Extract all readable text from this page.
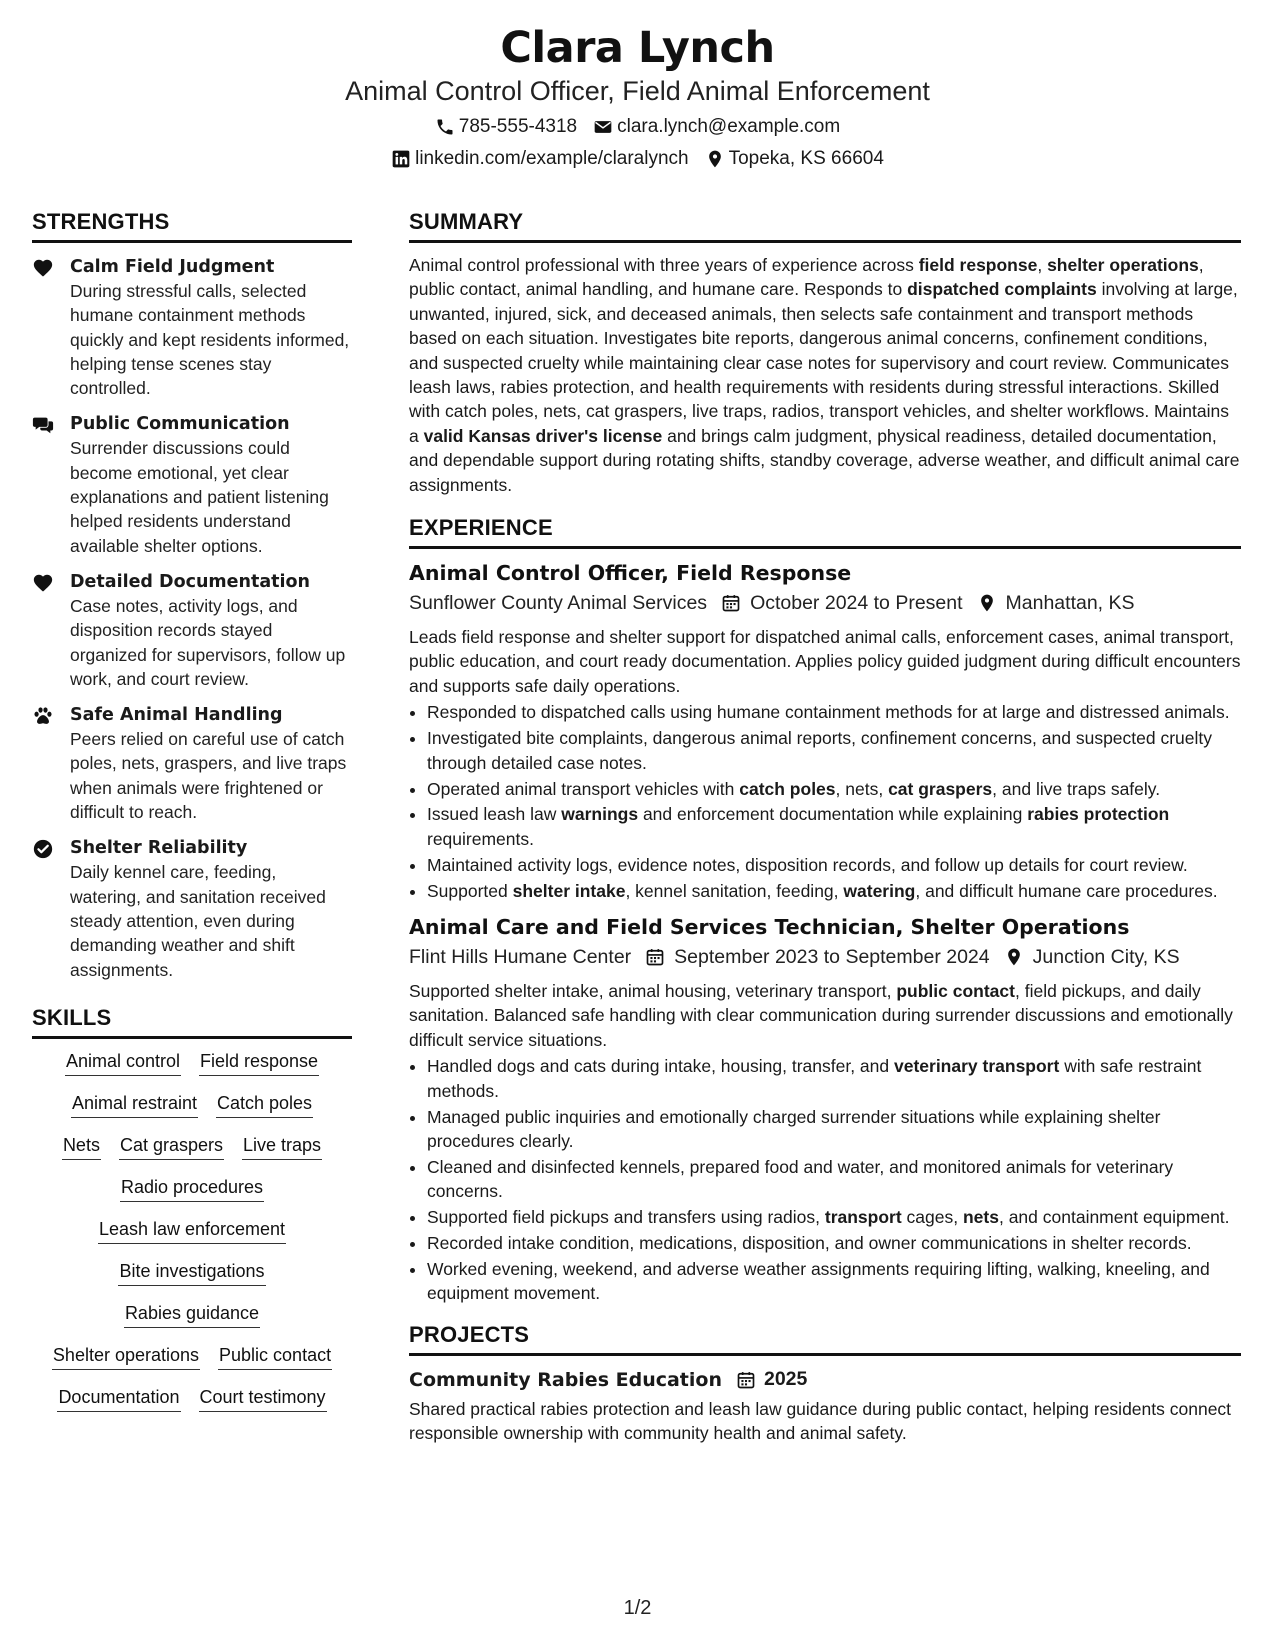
Clara Lynch
Animal Control Officer, Field Animal Enforcement
785-555-4318 clara.lynch@example.com
linkedin.com/example/claralynch Topeka, KS 66604
STRENGTHS
Calm Field Judgment
During stressful calls, selected humane containment methods quickly and kept residents informed, helping tense scenes stay controlled.
Public Communication
Surrender discussions could become emotional, yet clear explanations and patient listening helped residents understand available shelter options.
Detailed Documentation
Case notes, activity logs, and disposition records stayed organized for supervisors, follow up work, and court review.
Safe Animal Handling
Peers relied on careful use of catch poles, nets, graspers, and live traps when animals were frightened or difficult to reach.
Shelter Reliability
Daily kennel care, feeding, watering, and sanitation received steady attention, even during demanding weather and shift assignments.
SKILLS
Animal control Field response
Animal restraint Catch poles
Nets Cat graspers Live traps
Radio procedures
Leash law enforcement
Bite investigations
Rabies guidance
Shelter operations Public contact
Documentation Court testimony
SUMMARY
Animal control professional with three years of experience across field response, shelter operations, public contact, animal handling, and humane care. Responds to dispatched complaints involving at large, unwanted, injured, sick, and deceased animals, then selects safe containment and transport methods based on each situation. Investigates bite reports, dangerous animal concerns, confinement conditions, and suspected cruelty while maintaining clear case notes for supervisory and court review. Communicates leash laws, rabies protection, and health requirements with residents during stressful interactions. Skilled with catch poles, nets, cat graspers, live traps, radios, transport vehicles, and shelter workflows. Maintains a valid Kansas driver's license and brings calm judgment, physical readiness, detailed documentation, and dependable support during rotating shifts, standby coverage, adverse weather, and difficult animal care assignments.
EXPERIENCE
Animal Control Officer, Field Response
Sunflower County Animal Services October 2024 to Present Manhattan, KS
Leads field response and shelter support for dispatched animal calls, enforcement cases, animal transport, public education, and court ready documentation. Applies policy guided judgment during difficult encounters and supports safe daily operations.
• Responded to dispatched calls using humane containment methods for at large and distressed animals.
• Investigated bite complaints, dangerous animal reports, confinement concerns, and suspected cruelty through detailed case notes.
• Operated animal transport vehicles with catch poles, nets, cat graspers, and live traps safely.
• Issued leash law warnings and enforcement documentation while explaining rabies protection requirements.
• Maintained activity logs, evidence notes, disposition records, and follow up details for court review.
• Supported shelter intake, kennel sanitation, feeding, watering, and difficult humane care procedures.
Animal Care and Field Services Technician, Shelter Operations
Flint Hills Humane Center September 2023 to September 2024 Junction City, KS
Supported shelter intake, animal housing, veterinary transport, public contact, field pickups, and daily sanitation. Balanced safe handling with clear communication during surrender discussions and emotionally difficult service situations.
• Handled dogs and cats during intake, housing, transfer, and veterinary transport with safe restraint methods.
• Managed public inquiries and emotionally charged surrender situations while explaining shelter procedures clearly.
• Cleaned and disinfected kennels, prepared food and water, and monitored animals for veterinary concerns.
• Supported field pickups and transfers using radios, transport cages, nets, and containment equipment.
• Recorded intake condition, medications, disposition, and owner communications in shelter records.
• Worked evening, weekend, and adverse weather assignments requiring lifting, walking, kneeling, and equipment movement.
PROJECTS
Community Rabies Education 2025
Shared practical rabies protection and leash law guidance during public contact, helping residents connect responsible ownership with community health and animal safety.
1/2
